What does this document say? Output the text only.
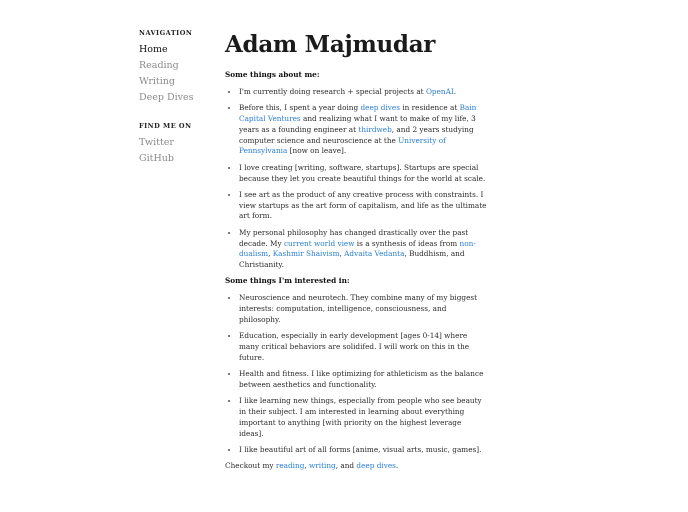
NAVIGATION
Home
Reading
Writing
Deep Dives
FIND ME ON
Twitter
GitHub
Adam Majmudar
Some things about me:
• I'm currently doing research + special projects at OpenAI.
• Before this, I spent a year doing deep dives in residence at Bain Capital Ventures and realizing what I want to make of my life, 3 years as a founding engineer at thirdweb, and 2 years studying computer science and neuroscience at the University of Pennsylvania [now on leave].
• I love creating [writing, software, startups]. Startups are special because they let you create beautiful things for the world at scale.
• I see art as the product of any creative process with constraints. I view startups as the art form of capitalism, and life as the ultimate art form.
• My personal philosophy has changed drastically over the past decade. My current world view is a synthesis of ideas from non-dualism, Kashmir Shaivism, Advaita Vedanta, Buddhism, and Christianity.
Some things I'm interested in:
• Neuroscience and neurotech. They combine many of my biggest interests: computation, intelligence, consciousness, and philosophy.
• Education, especially in early development [ages 0-14] where many critical behaviors are solidifed. I will work on this in the future.
• Health and fitness. I like optimizing for athleticism as the balance between aesthetics and functionality.
• I like learning new things, especially from people who see beauty in their subject. I am interested in learning about everything important to anything [with priority on the highest leverage ideas].
• I like beautiful art of all forms [anime, visual arts, music, games].
Checkout my reading, writing, and deep dives.
